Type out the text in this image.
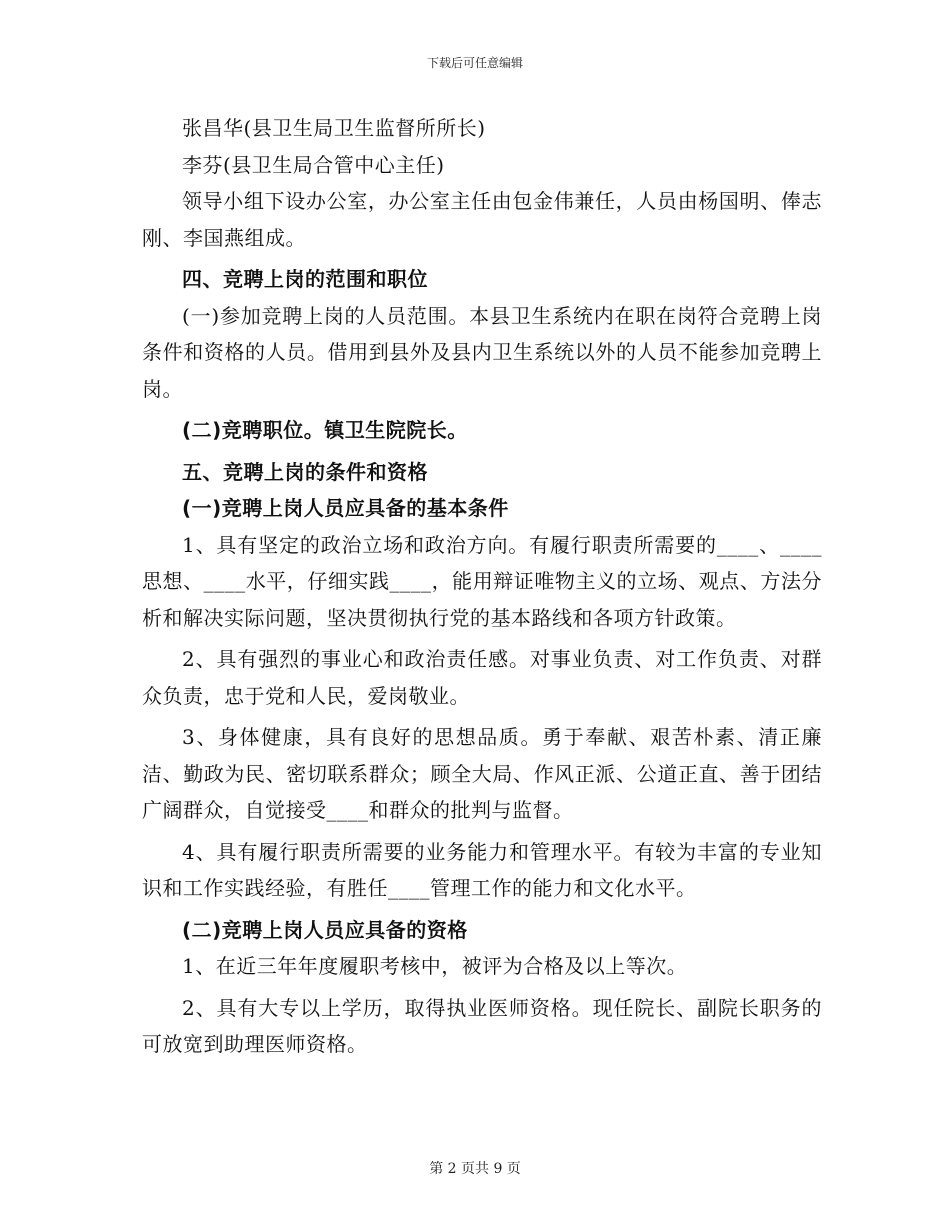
下载后可任意编辑

张昌华(县卫生局卫生监督所所长)

李芬(县卫生局合管中心主任)

领导小组下设办公室，办公室主任由包金伟兼任，人员由杨国明、俸志刚、李国燕组成。

四、竞聘上岗的范围和职位

(一)参加竞聘上岗的人员范围。本县卫生系统内在职在岗符合竞聘上岗条件和资格的人员。借用到县外及县内卫生系统以外的人员不能参加竞聘上岗。

(二)竞聘职位。镇卫生院院长。

五、竞聘上岗的条件和资格

(一)竞聘上岗人员应具备的基本条件

1、具有坚定的政治立场和政治方向。有履行职责所需要的____、____思想、____水平，仔细实践____，能用辩证唯物主义的立场、观点、方法分析和解决实际问题，坚决贯彻执行党的基本路线和各项方针政策。

2、具有强烈的事业心和政治责任感。对事业负责、对工作负责、对群众负责，忠于党和人民，爱岗敬业。

3、身体健康，具有良好的思想品质。勇于奉献、艰苦朴素、清正廉洁、勤政为民、密切联系群众；顾全大局、作风正派、公道正直、善于团结广阔群众，自觉接受____和群众的批判与监督。

4、具有履行职责所需要的业务能力和管理水平。有较为丰富的专业知识和工作实践经验，有胜任____管理工作的能力和文化水平。

(二)竞聘上岗人员应具备的资格

1、在近三年年度履职考核中，被评为合格及以上等次。

2、具有大专以上学历，取得执业医师资格。现任院长、副院长职务的可放宽到助理医师资格。

第 2 页共 9 页
